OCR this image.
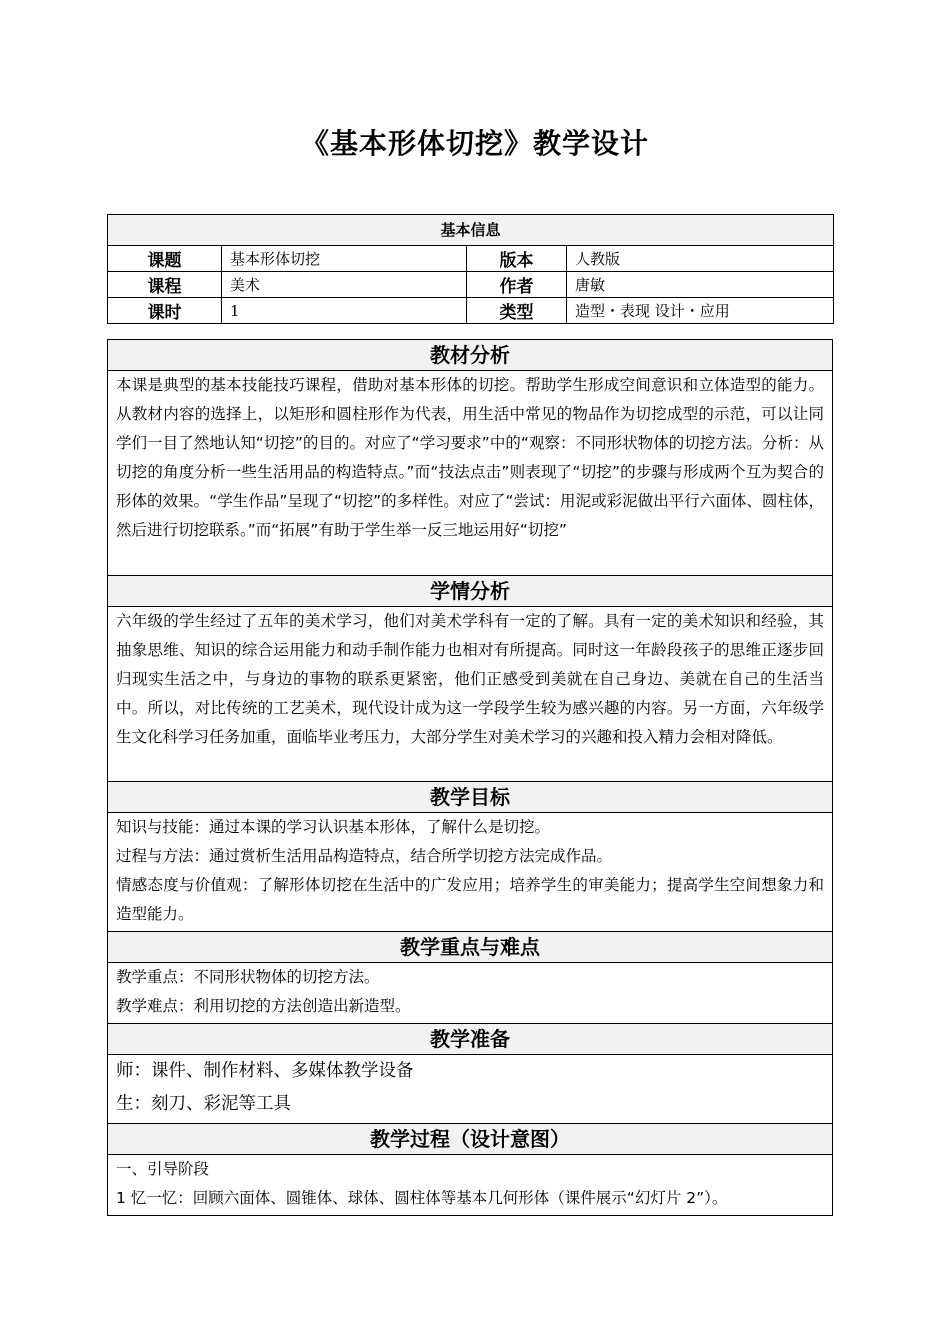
《基本形体切挖》教学设计
基本信息			
课题	基本形体切挖	版本	人教版
课程	美术	作者	唐敏
课时	1	类型	造型・表现 设计・应用
教材分析

本课是典型的基本技能技巧课程，借助对基本形体的切挖。帮助学生形成空间意识和立体造型的能力。从教材内容的选择上，以矩形和圆柱形作为代表，用生活中常见的物品作为切挖成型的示范，可以让同学们一目了然地认知“切挖”的目的。对应了“学习要求”中的“观察：不同形状物体的切挖方法。分析：从切挖的角度分析一些生活用品的构造特点。”而“技法点击”则表现了“切挖”的步骤与形成两个互为契合的形体的效果。“学生作品”呈现了“切挖”的多样性。对应了“尝试：用泥或彩泥做出平行六面体、圆柱体，然后进行切挖联系。”而“拓展”有助于学生举一反三地运用好“切挖”

学情分析

六年级的学生经过了五年的美术学习，他们对美术学科有一定的了解。具有一定的美术知识和经验，其抽象思维、知识的综合运用能力和动手制作能力也相对有所提高。同时这一年龄段孩子的思维正逐步回归现实生活之中，与身边的事物的联系更紧密，他们正感受到美就在自己身边、美就在自己的生活当中。所以，对比传统的工艺美术，现代设计成为这一学段学生较为感兴趣的内容。另一方面，六年级学生文化科学习任务加重，面临毕业考压力，大部分学生对美术学习的兴趣和投入精力会相对降低。

教学目标

知识与技能：通过本课的学习认识基本形体，了解什么是切挖。

过程与方法：通过赏析生活用品构造特点，结合所学切挖方法完成作品。

情感态度与价值观：了解形体切挖在生活中的广发应用；培养学生的审美能力；提高学生空间想象力和造型能力。

教学重点与难点

教学重点：不同形状物体的切挖方法。

教学难点：利用切挖的方法创造出新造型。

教学准备

师：课件、制作材料、多媒体教学设备

生：刻刀、彩泥等工具

教学过程（设计意图）

一、引导阶段

1 忆一忆：回顾六面体、圆锥体、球体、圆柱体等基本几何形体（课件展示“幻灯片 2”）。
